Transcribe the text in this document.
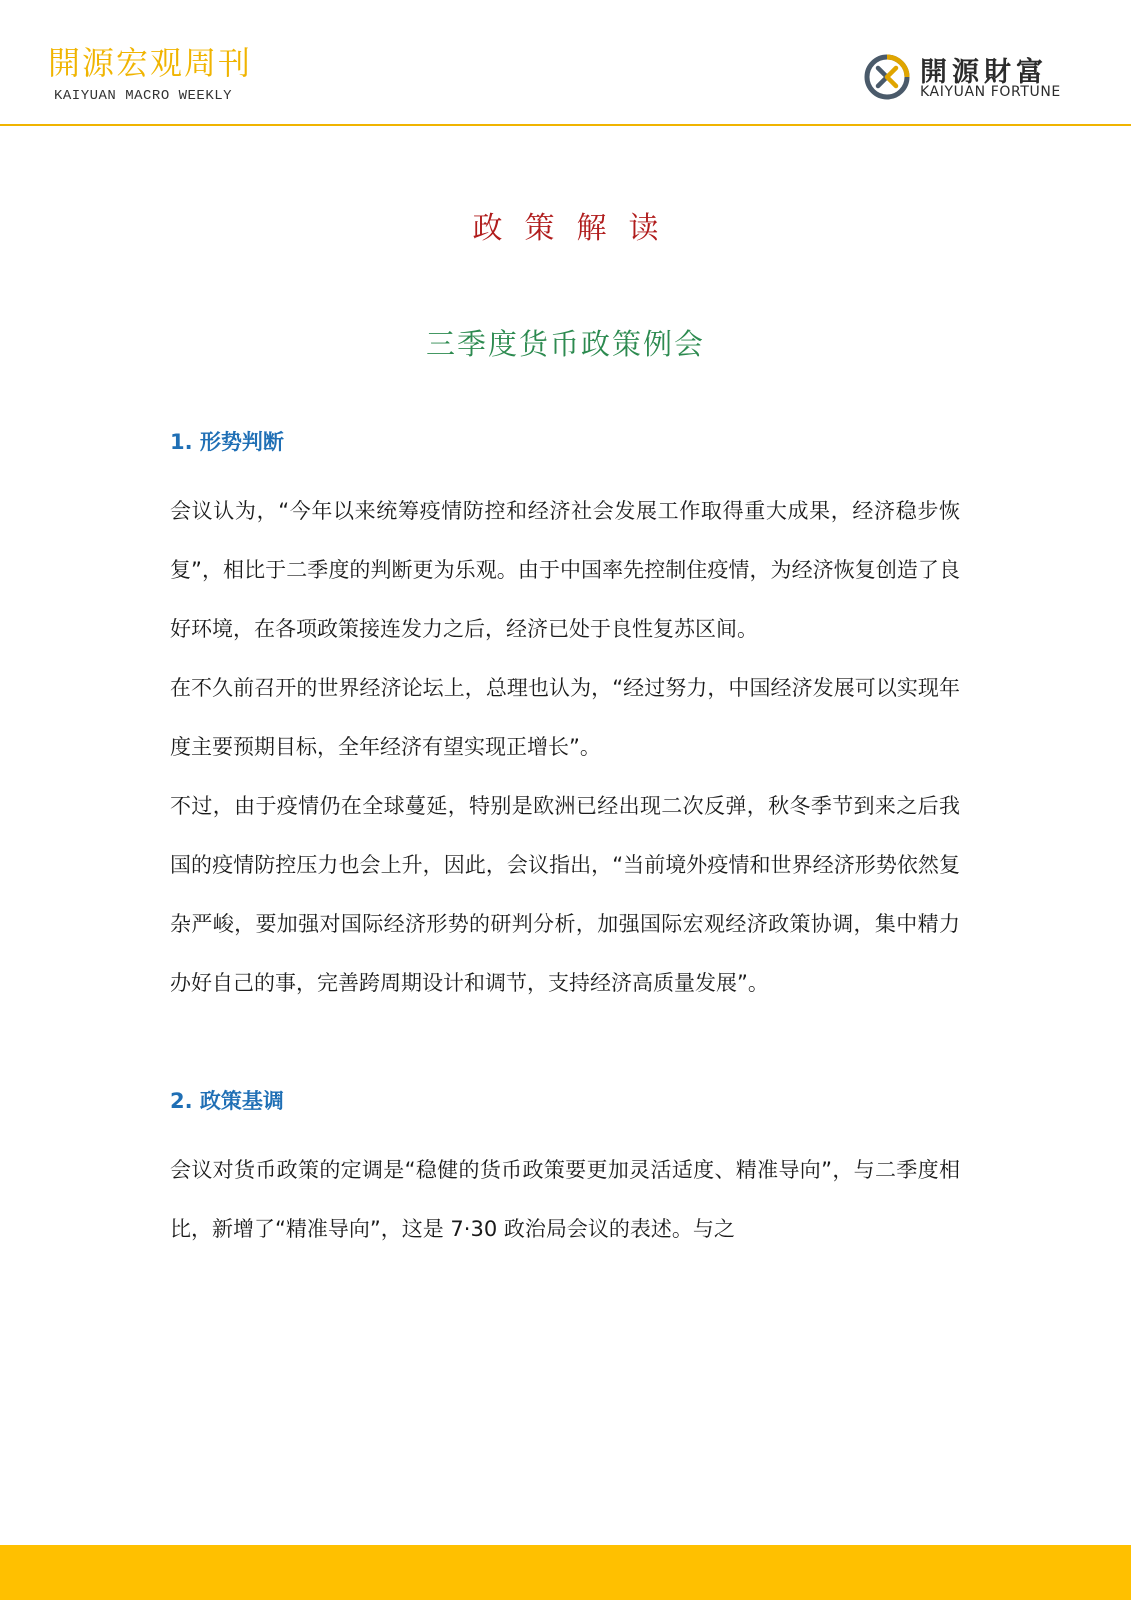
開源宏观周刊
KAIYUAN MACRO WEEKLY
開源財富
KAIYUAN FORTUNE
政策解读
三季度货币政策例会

1. 形势判断

会议认为，“今年以来统筹疫情防控和经济社会发展工作取得重大成果，经济稳步恢复”，相比于二季度的判断更为乐观。由于中国率先控制住疫情，为经济恢复创造了良好环境，在各项政策接连发力之后，经济已处于良性复苏区间。

在不久前召开的世界经济论坛上，总理也认为，“经过努力，中国经济发展可以实现年度主要预期目标，全年经济有望实现正增长”。

不过，由于疫情仍在全球蔓延，特别是欧洲已经出现二次反弹，秋冬季节到来之后我国的疫情防控压力也会上升，因此，会议指出，“当前境外疫情和世界经济形势依然复杂严峻，要加强对国际经济形势的研判分析，加强国际宏观经济政策协调，集中精力办好自己的事，完善跨周期设计和调节，支持经济高质量发展”。

2. 政策基调

会议对货币政策的定调是“稳健的货币政策要更加灵活适度、精准导向”，与二季度相比，新增了“精准导向”，这是 7·30 政治局会议的表述。与之
